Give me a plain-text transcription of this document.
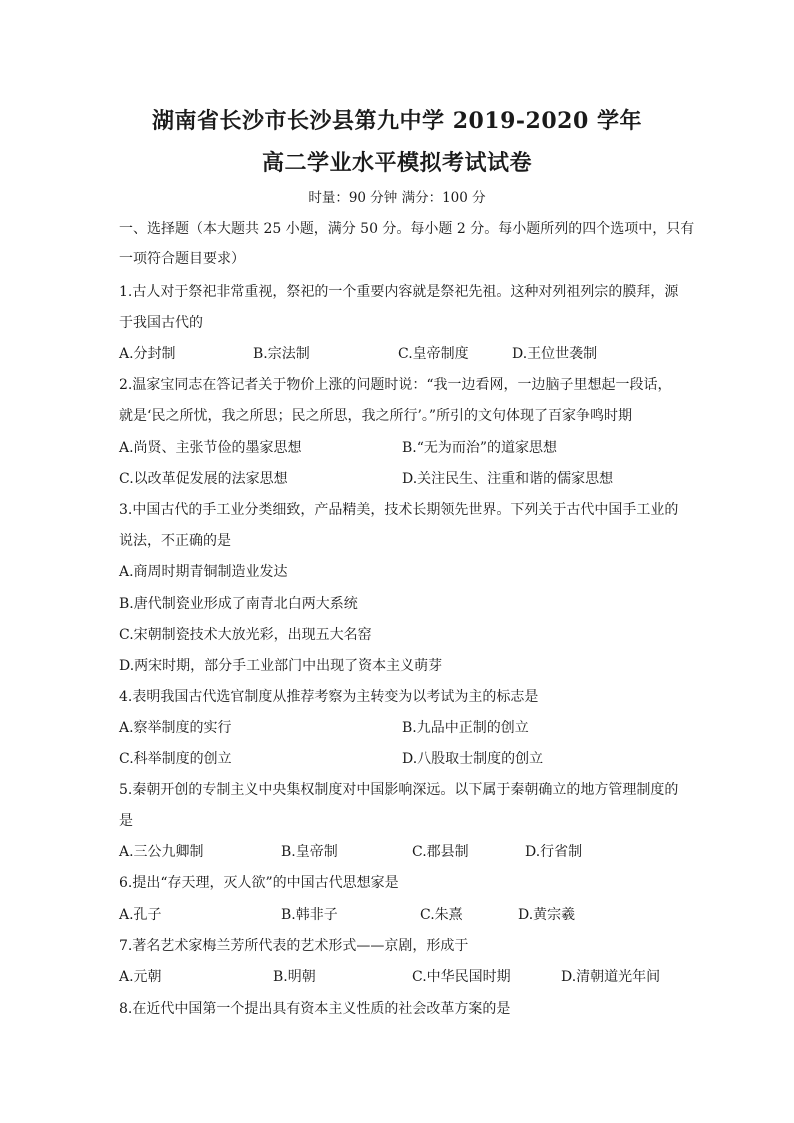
湖南省长沙市长沙县第九中学 2019-2020 学年
高二学业水平模拟考试试卷
时量：90 分钟 满分：100 分
一、选择题（本大题共 25 小题，满分 50 分。每小题 2 分。每小题所列的四个选项中，只有
一项符合题目要求）
1.古人对于祭祀非常重视，祭祀的一个重要内容就是祭祀先祖。这种对列祖列宗的膜拜，源
于我国古代的
A.分封制	B.宗法制	C.皇帝制度	D.王位世袭制
2.温家宝同志在答记者关于物价上涨的问题时说：“我一边看网，一边脑子里想起一段话，
就是‘民之所忧，我之所思；民之所思，我之所行’。”所引的文句体现了百家争鸣时期
A.尚贤、主张节俭的墨家思想	B.“无为而治”的道家思想
C.以改革促发展的法家思想	D.关注民生、注重和谐的儒家思想
3.中国古代的手工业分类细致，产品精美，技术长期领先世界。下列关于古代中国手工业的
说法，不正确的是
A.商周时期青铜制造业发达
B.唐代制瓷业形成了南青北白两大系统
C.宋朝制瓷技术大放光彩，出现五大名窑
D.两宋时期，部分手工业部门中出现了资本主义萌芽
4.表明我国古代选官制度从推荐考察为主转变为以考试为主的标志是
A.察举制度的实行	B.九品中正制的创立
C.科举制度的创立	D.八股取士制度的创立
5.秦朝开创的专制主义中央集权制度对中国影响深远。以下属于秦朝确立的地方管理制度的
是
A.三公九卿制	B.皇帝制	C.郡县制	D.行省制
6.提出“存天理，灭人欲”的中国古代思想家是
A.孔子	B.韩非子	C.朱熹	D.黄宗羲
7.著名艺术家梅兰芳所代表的艺术形式——京剧，形成于
A.元朝	B.明朝	C.中华民国时期	D.清朝道光年间
8.在近代中国第一个提出具有资本主义性质的社会改革方案的是
